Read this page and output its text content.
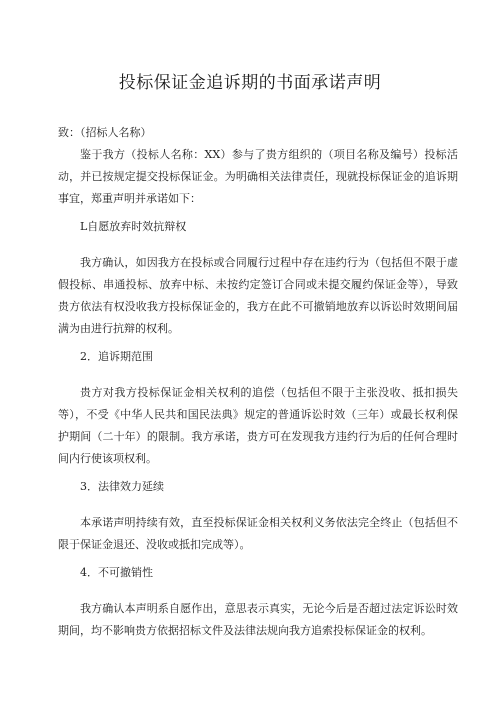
投标保证金追诉期的书面承诺声明

致：（招标人名称）

鉴于我方（投标人名称：XX）参与了贵方组织的（项目名称及编号）投标活动，并已按规定提交投标保证金。为明确相关法律责任，现就投标保证金的追诉期事宜，郑重声明并承诺如下：

L自愿放弃时效抗辩权

我方确认，如因我方在投标或合同履行过程中存在违约行为（包括但不限于虚假投标、串通投标、放弃中标、未按约定签订合同或未提交履约保证金等），导致贵方依法有权没收我方投标保证金的，我方在此不可撤销地放弃以诉讼时效期间届满为由进行抗辩的权利。

2．追诉期范围

贵方对我方投标保证金相关权利的追偿（包括但不限于主张没收、抵扣损失等），不受《中华人民共和国民法典》规定的普通诉讼时效（三年）或最长权利保护期间（二十年）的限制。我方承诺，贵方可在发现我方违约行为后的任何合理时间内行使该项权利。

3．法律效力延续

本承诺声明持续有效，直至投标保证金相关权利义务依法完全终止（包括但不限于保证金退还、没收或抵扣完成等）。

4．不可撤销性

我方确认本声明系自愿作出，意思表示真实，无论今后是否超过法定诉讼时效期间，均不影响贵方依据招标文件及法律法规向我方追索投标保证金的权利。
